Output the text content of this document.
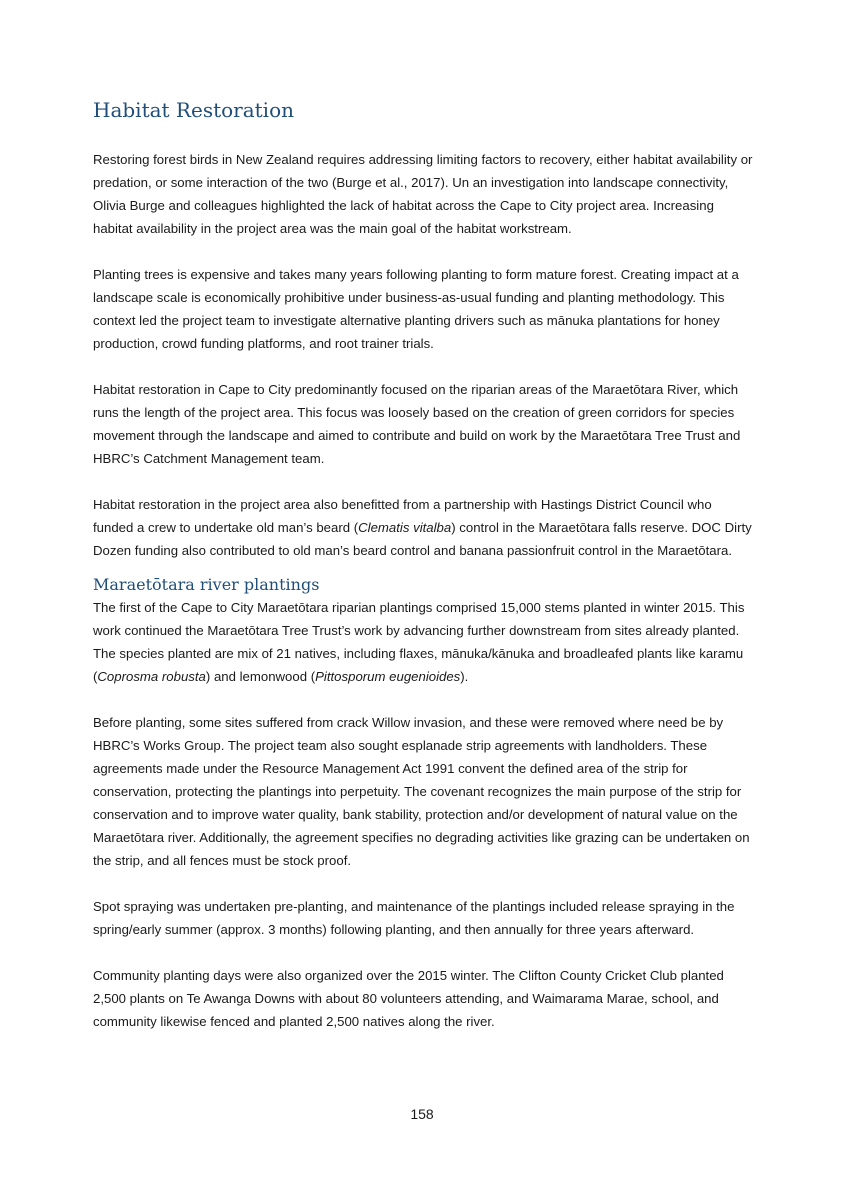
Habitat Restoration

Restoring forest birds in New Zealand requires addressing limiting factors to recovery, either habitat availability or predation, or some interaction of the two (Burge et al., 2017). Un an investigation into landscape connectivity, Olivia Burge and colleagues highlighted the lack of habitat across the Cape to City project area. Increasing habitat availability in the project area was the main goal of the habitat workstream.

Planting trees is expensive and takes many years following planting to form mature forest. Creating impact at a landscape scale is economically prohibitive under business-as-usual funding and planting methodology. This context led the project team to investigate alternative planting drivers such as mānuka plantations for honey production, crowd funding platforms, and root trainer trials.

Habitat restoration in Cape to City predominantly focused on the riparian areas of the Maraetōtara River, which runs the length of the project area. This focus was loosely based on the creation of green corridors for species movement through the landscape and aimed to contribute and build on work by the Maraetōtara Tree Trust and HBRC’s Catchment Management team.

Habitat restoration in the project area also benefitted from a partnership with Hastings District Council who funded a crew to undertake old man’s beard (Clematis vitalba) control in the Maraetōtara falls reserve. DOC Dirty Dozen funding also contributed to old man’s beard control and banana passionfruit control in the Maraetōtara.

Maraetōtara river plantings

The first of the Cape to City Maraetōtara riparian plantings comprised 15,000 stems planted in winter 2015. This work continued the Maraetōtara Tree Trust’s work by advancing further downstream from sites already planted. The species planted are mix of 21 natives, including flaxes, mānuka/kānuka and broadleafed plants like karamu (Coprosma robusta) and lemonwood (Pittosporum eugenioides).

Before planting, some sites suffered from crack Willow invasion, and these were removed where need be by HBRC’s Works Group. The project team also sought esplanade strip agreements with landholders. These agreements made under the Resource Management Act 1991 convent the defined area of the strip for conservation, protecting the plantings into perpetuity. The covenant recognizes the main purpose of the strip for conservation and to improve water quality, bank stability, protection and/or development of natural value on the Maraetōtara river. Additionally, the agreement specifies no degrading activities like grazing can be undertaken on the strip, and all fences must be stock proof.

Spot spraying was undertaken pre-planting, and maintenance of the plantings included release spraying in the spring/early summer (approx. 3 months) following planting, and then annually for three years afterward.

Community planting days were also organized over the 2015 winter. The Clifton County Cricket Club planted 2,500 plants on Te Awanga Downs with about 80 volunteers attending, and Waimarama Marae, school, and community likewise fenced and planted 2,500 natives along the river.

158
